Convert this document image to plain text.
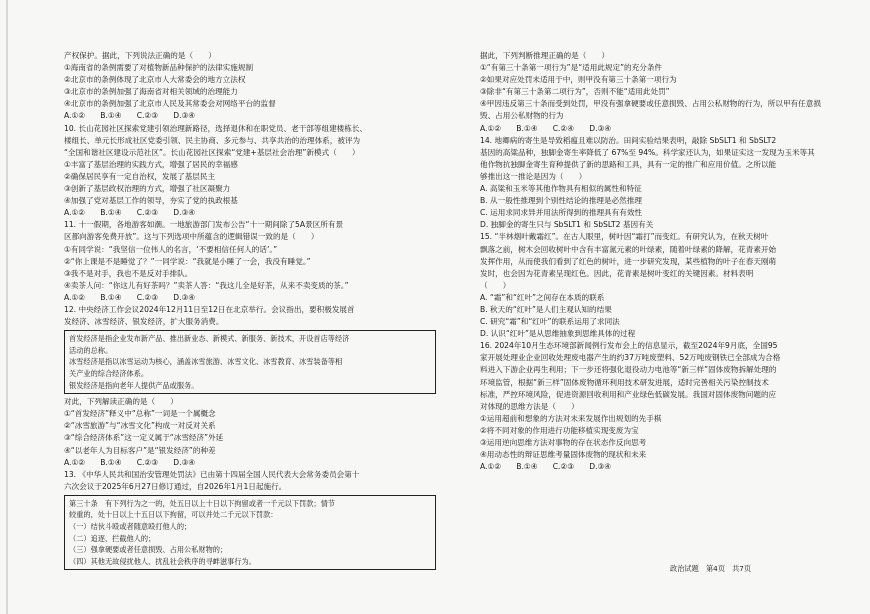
产权保护。据此，下列说法正确的是（　　）
①海南省的条例需要了对植物新品种保护的法律实施规制
②北京市的条例体现了北京市人大常委会的地方立法权
③北京市的条例加强了海南省对相关领域的治理能力
④北京市的条例加强了北京市人民及其常委会对网络平台的监督
A.①②　　B.①④　　C.②③　　D.③④
10. 长山花园社区探索党建引领治理新路径，选择退休和在职党员、老干部等组建楼栋长、
楼组长、单元长形成社区党委引领、民主协商、多元参与、共享共治的治理体系，被评为
“全国和谐社区建设示范社区”。长山花园社区探索“党建+基层社会治理”新模式（　　）
①丰富了基层治理的实践方式，增强了居民的幸福感
②确保居民享有一定自治权，发展了基层民主
③创新了基层政权治理的方式，增强了社区凝聚力
④加强了党对基层工作的领导，夯实了党的执政根基
A.①②　　B.①④　　C.②③　　D.③④
11. 十一假期，各地游客如潮。一地旅游部门发布公告“十一期间除了5A景区所有景
区都向游客免费开放”。这与下列选项中所蕴含的逻辑错误一致的是（　　）
①有同学说：“我坚信一位伟人的名言，‘不要相信任何人的话’。”
②“你上课是不是睡觉了？”一同学说：“我就是小睡了一会，我没有睡觉。”
③我不是对手，我也不是反对手排队。
④卖茶人问：“你这儿有好茶吗？”卖茶人答：“我这儿全是好茶，从来不卖变质的茶。”
A.①②　　B.①④　　C.②③　　D.③④
12. 中央经济工作会议2024年12月11日至12日在北京举行。会议指出，要积极发展首
发经济、冰雪经济、银发经济，扩大服务消费。
首发经济是指企业发布新产品、推出新业态、新模式、新服务、新技术，开设首店等经济
活动的总称。
冰雪经济是指以冰雪运动为核心，涵盖冰雪旅游、冰雪文化、冰雪教育、冰雪装备等相
关产业的综合经济体系。
银发经济是指向老年人提供产品或服务。
对此，下列解读正确的是（　　）
①“首发经济”释义中“总称”一词是一个属概念
②“冰雪旅游”与“冰雪文化”构成一对反对关系
③“综合经济体系”这一定义属于“冰雪经济”外延
④“以老年人为目标客户”是“银发经济”的种差
A.①②　　B.①④　　C.②③　　D.③④
13. 《中华人民共和国治安管理处罚法》已由第十四届全国人民代表大会常务委员会第十
六次会议于2025年6月27日修订通过，自2026年1月1日起施行。
第三十条　有下列行为之一的，处五日以上十日以下拘留或者一千元以下罚款；情节
较重的，处十日以上十五日以下拘留，可以并处二千元以下罚款：
（一）结伙斗殴或者随意殴打他人的；
（二）追逐、拦截他人的；
（三）强拿硬要或者任意损毁、占用公私财物的；
（四）其他无故侵扰他人、扰乱社会秩序的寻衅滋事行为。
据此，下列判断推理正确的是（　　）
①“有第三十条第一项行为”是“适用此规定”的充分条件
②如果对应处罚未适用于中，则甲没有第三十条第一项行为
③除非“有第三十条第二项行为”，否则不能“适用此处罚”
④甲因违反第三十条而受到处罚，甲没有强拿硬要或任意损毁、占用公私财物的行为，所以甲有任意损
毁、占用公私财物的行为
A.①②　　B.①④　　C.②④　　D.③④
14. 地卿病的寄生是导致稻瘟且难以防治。田间实验结果表明，敲除 SbSLT1 和 SbSLT2
基因的高粱品种，独脚金寄生率降低了 67%至 94%。科学家还认为，如果证实这一发现为玉米等其
他作物抗独脚金寄生育种提供了新的思路和工具，具有一定的推广和应用价值。之所以能
够推出这一推论是因为（　　）
A. 高粱和玉米等其他作物具有相似的属性和特征
B. 从一般性推理到个别性结论的推理是必然推理
C. 运用求同求异并用法所得到的推理具有有效性
D. 独脚金的寄生只与 SbSLT1 和 SbSLT2 基因有关
15. “半林烟叶戴霜红”。在古人眼里，树叶因“霜打”而变红。有研究认为，在秋天树叶
飘落之前，树木会回收树叶中含有丰富氮元素的叶绿素，随着叶绿素的降解，花青素开始
发挥作用，从而使我们看到了红色的树叶，进一步研究发现，某些植物的叶子在春天刚萌
发时，也会因为花青素呈现红色。因此，花青素是树叶变红的关键因素。材料表明
（　　）
A. “霜”和“红叶”之间存在本质的联系
B. 秋天的“红叶”是人们主观认知的结果
C. 研究“霜”和“红叶”的联系运用了求同法
D. 认识“红叶”是从思维抽象到思维具体的过程
16. 2024年10月生态环境部新闻例行发布会上的信息显示，截至2024年9月底，全国95
家开展处理业企业回收处理废电器产生的约37万吨废塑料、52万吨废钢铁已全部成为合格
料进入下游企业再生利用；下一步还将强化退役动力电池等“新三样”固体废物拆解处理的
环境监管，根据“新三样”固体废物循环利用技术研发进展，适时完善相关污染控制技术
标准，严控环境风险，促进资源回收利用和产业绿色低碳发展。我国对固体废物问题的应
对体现的思维方法是（　　）
①运用超前和想象的方法对未来发展作出规划的先手棋
②将不同对象的作用进行功能移植实现变废为宝
③运用逆向思维方法对事物的存在状态作反向思考
④用动态性的辩证思维考量固体废物的现状和未来
A.①②　　B.①④　　C.②③　　D.③④
政治试题　第4页　共7页
